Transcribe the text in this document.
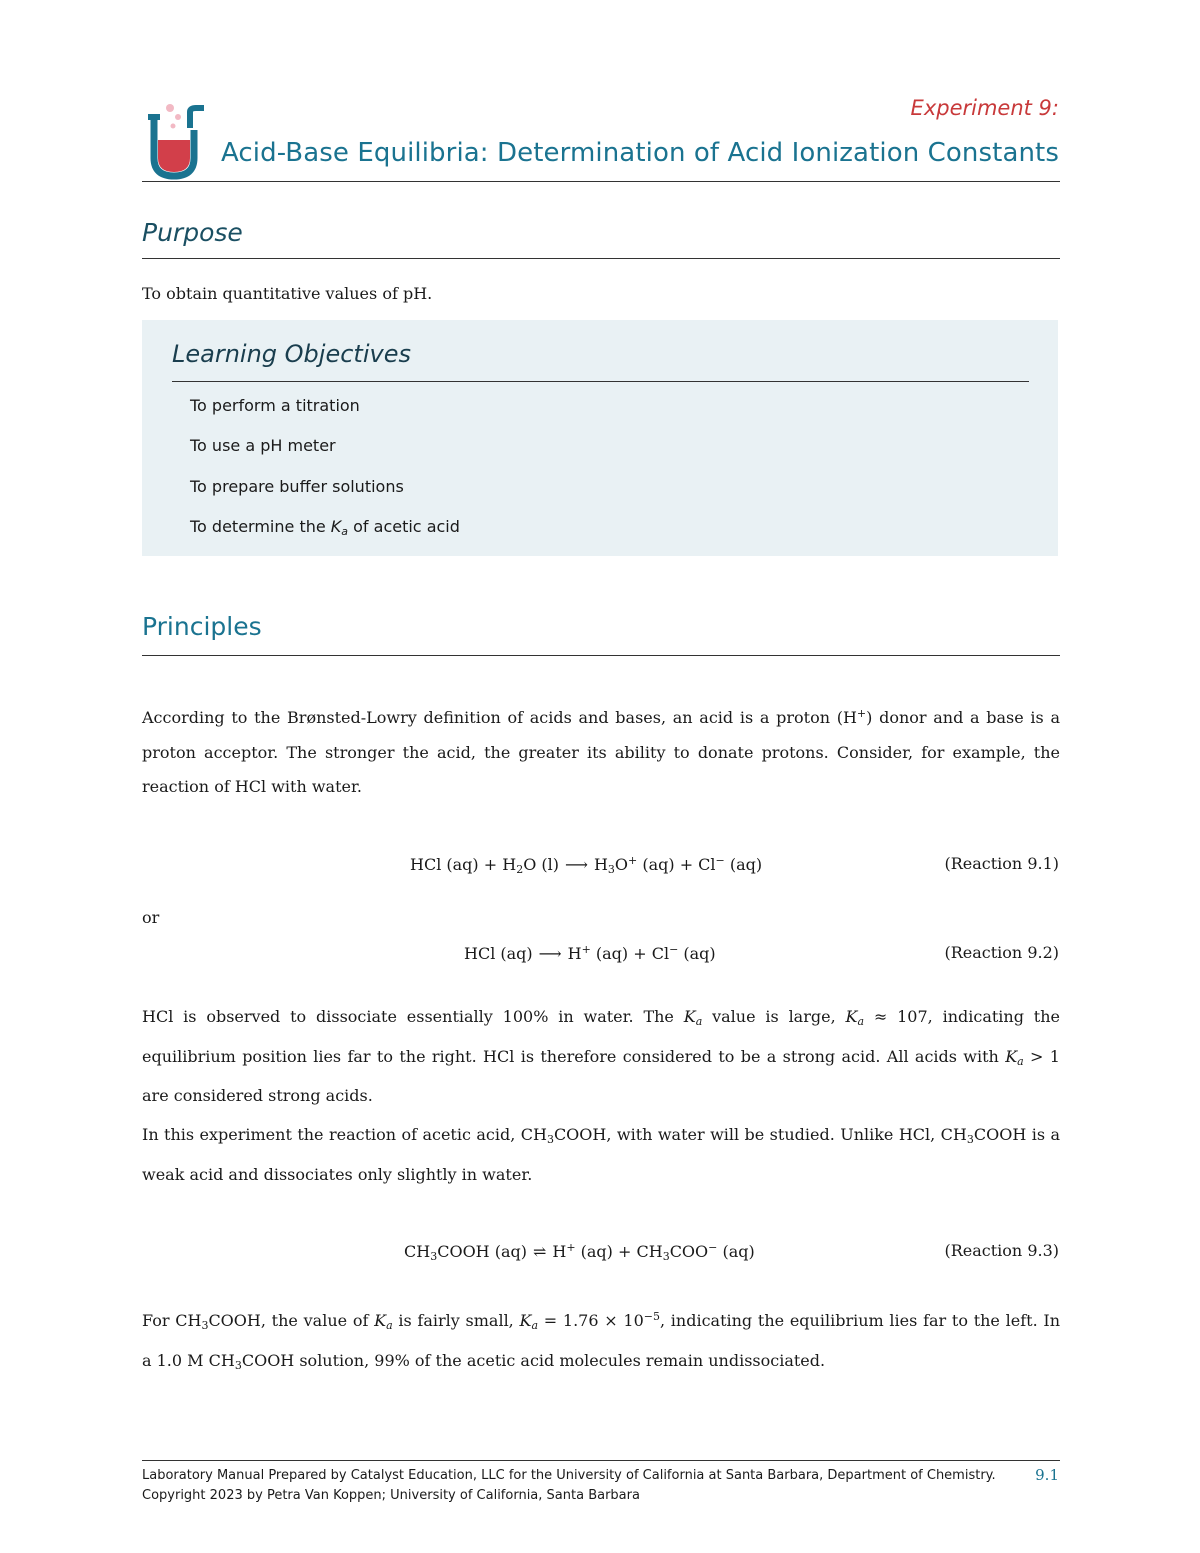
Experiment 9:
Acid-Base Equilibria: Determination of Acid Ionization Constants
Purpose
To obtain quantitative values of pH.
Learning Objectives
To perform a titration
To use a pH meter
To prepare buffer solutions
To determine the $K_a$ of acetic acid
Principles
According to the Brønsted-Lowry definition of acids and bases, an acid is a proton (H+) donor and a base is a proton acceptor. The stronger the acid, the greater its ability to donate protons. Consider, for example, the reaction of HCl with water.
HCl $(aq) + H_2O$ (l) ⟶ $H_3O^+$ (aq) + Cl− (aq)	(Reaction 9.1)
or
HCl (aq) ⟶ H+ (aq) + Cl− (aq)	(Reaction 9.2)
HCl is observed to dissociate essentially 100% in water. The $K_a$ value is large, $K_a \approx 107$, indicating the equilibrium position lies far to the right. HCl is therefore considered to be a strong acid. All acids with $K_a > 1$ are considered strong acids.
In this experiment the reaction of acetic acid, $CH_3COOH$, with water will be studied. Unlike HCl, $CH_3COOH$ is a weak acid and dissociates only slightly in water.
$CH_3COOH$ (aq) ⇌ H+ $(aq) + CH_3COO^-$ (aq)	(Reaction 9.3)
For $CH_3COOH$, the value of $K_a$ is fairly small, $K_a = 1.76 \times 10^{-5}$, indicating the equilibrium lies far to the left. In a 1.0 M $CH_3COOH$ solution, 99% of the acetic acid molecules remain undissociated.
Laboratory Manual Prepared by Catalyst Education, LLC for the University of California at Santa Barbara, Department of Chemistry.
Copyright 2023 by Petra Van Koppen; University of California, Santa Barbara
9.1
